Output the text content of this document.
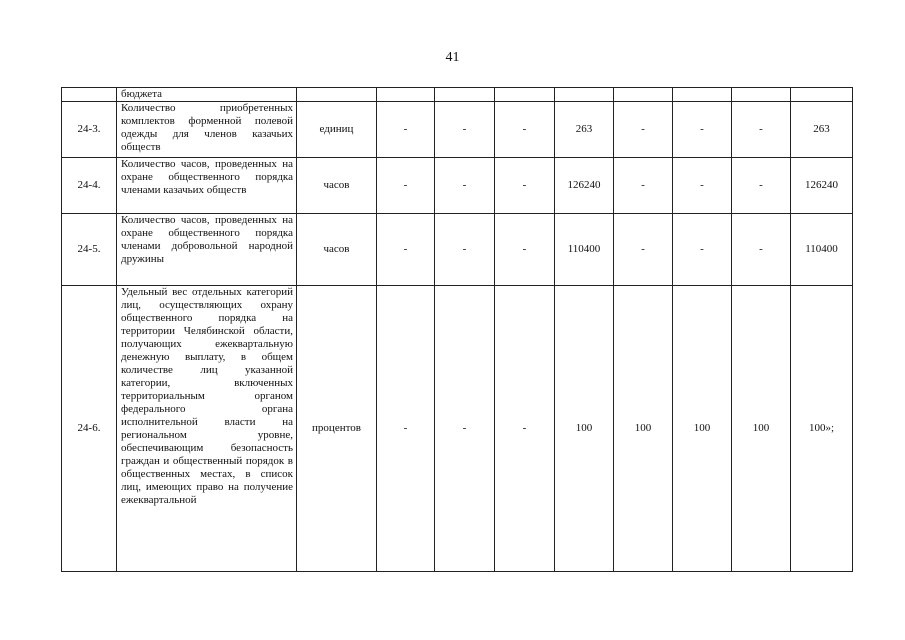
41
	бюджета									
24-3.	Количество приобретенных комплектов форменной полевой одежды для членов казачьих обществ	единиц	-	-	-	263	-	-	-	263
24-4.	Количество часов, проведенных на охране общественного порядка членами казачьих обществ	часов	-	-	-	126240	-	-	-	126240
24-5.	Количество часов, проведенных на охране общественного порядка членами добровольной народной дружины	часов	-	-	-	110400	-	-	-	110400
24-6.	Удельный вес отдельных категорий лиц, осуществляющих охрану общественного порядка на территории Челябинской области, получающих ежеквартальную денежную выплату, в общем количестве лиц указанной категории, включенных территориальным органом федерального органа исполнительной власти на региональном уровне, обеспечивающим безопасность граждан и общественный порядок в общественных местах, в список лиц, имеющих право на получение ежеквартальной	процентов	-	-	-	100	100	100	100	100»;
